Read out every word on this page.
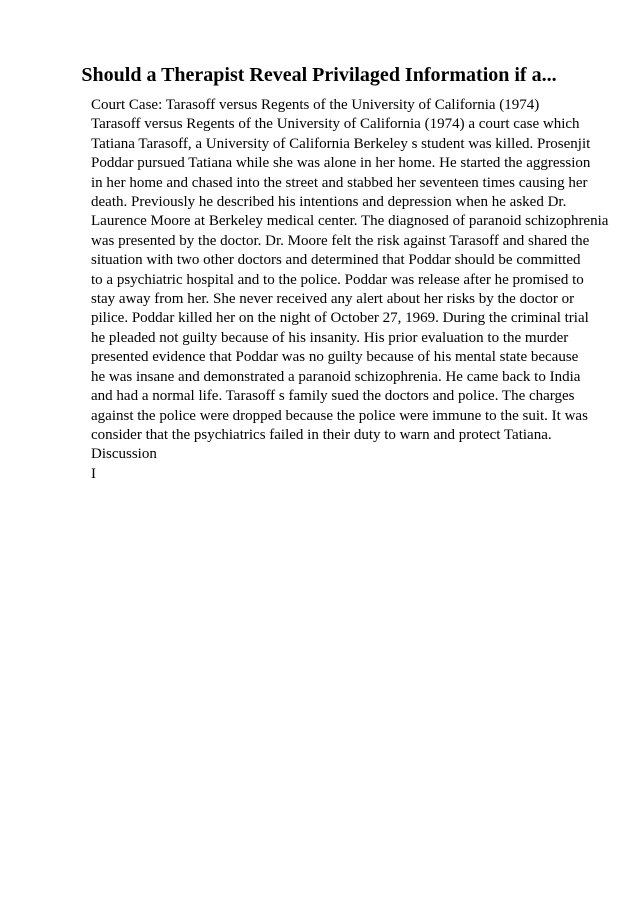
Should a Therapist Reveal Privilaged Information if a...
Court Case: Tarasoff versus Regents of the University of California (1974)
Tarasoff versus Regents of the University of California (1974) a court case which
Tatiana Tarasoff, a University of California Berkeley s student was killed. Prosenjit
Poddar pursued Tatiana while she was alone in her home. He started the aggression
in her home and chased into the street and stabbed her seventeen times causing her
death. Previously he described his intentions and depression when he asked Dr.
Laurence Moore at Berkeley medical center. The diagnosed of paranoid schizophrenia
was presented by the doctor. Dr. Moore felt the risk against Tarasoff and shared the
situation with two other doctors and determined that Poddar should be committed
to a psychiatric hospital and to the police. Poddar was release after he promised to
stay away from her. She never received any alert about her risks by the doctor or
pilice. Poddar killed her on the night of October 27, 1969. During the criminal trial
he pleaded not guilty because of his insanity. His prior evaluation to the murder
presented evidence that Poddar was no guilty because of his mental state because
he was insane and demonstrated a paranoid schizophrenia. He came back to India
and had a normal life. Tarasoff s family sued the doctors and police. The charges
against the police were dropped because the police were immune to the suit. It was
consider that the psychiatrics failed in their duty to warn and protect Tatiana.
Discussion
I
